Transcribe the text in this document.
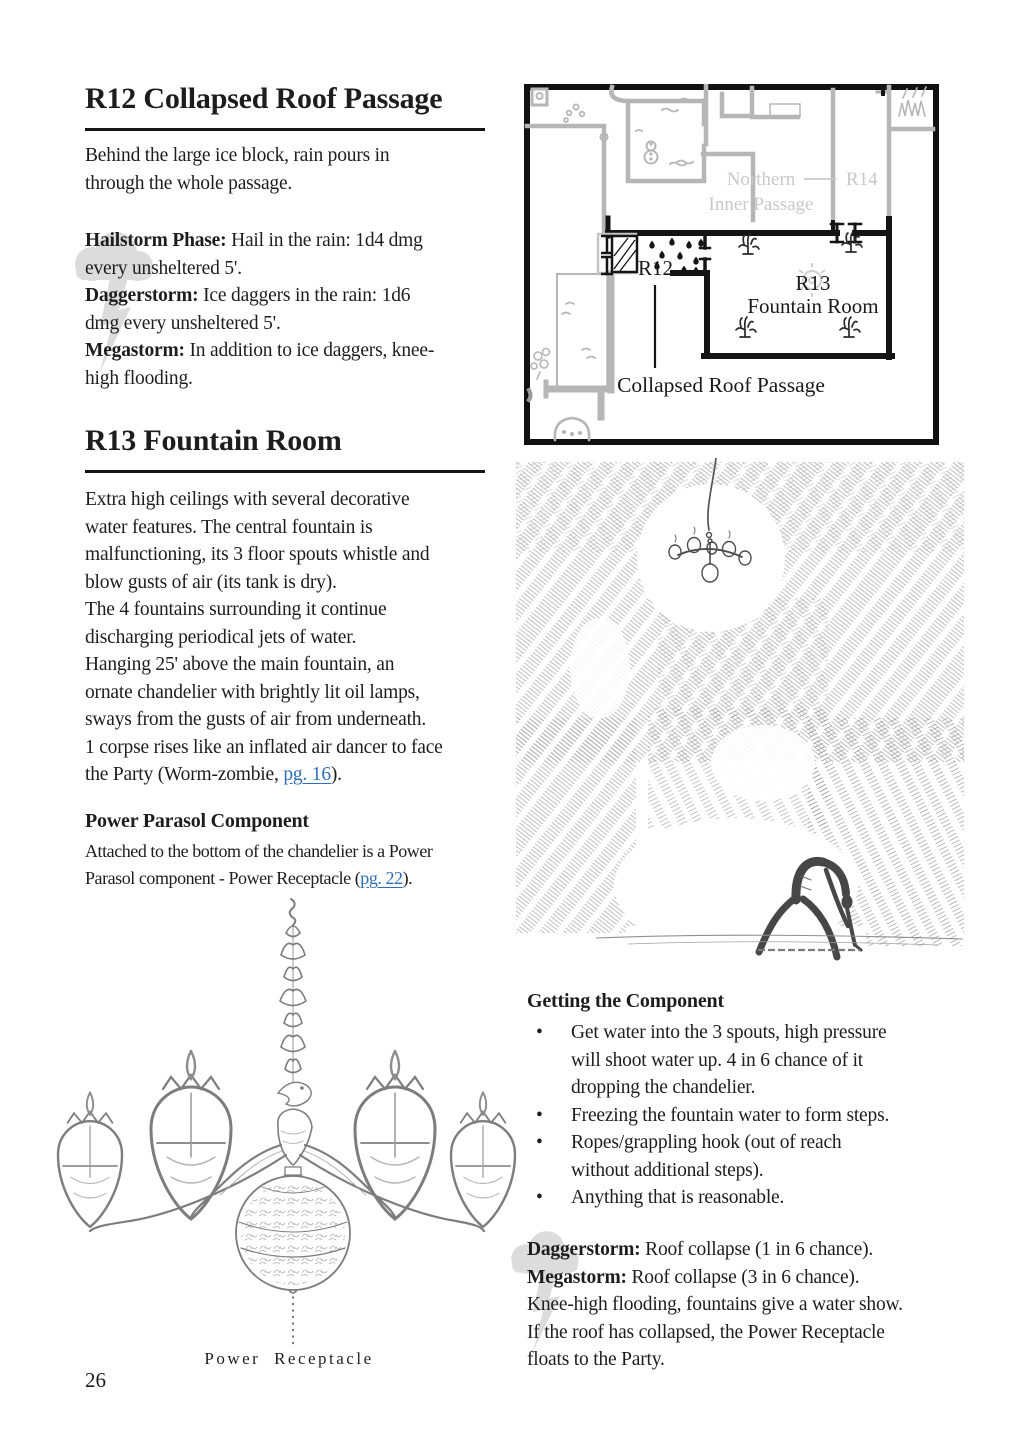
R12 Collapsed Roof Passage
Behind the large ice block, rain pours in
through the whole passage.
Hailstorm Phase: Hail in the rain: 1d4 dmg
every unsheltered 5'.
Daggerstorm: Ice daggers in the rain: 1d6
dmg every unsheltered 5'.
Megastorm: In addition to ice daggers, knee-
high flooding.
R13 Fountain Room
Extra high ceilings with several decorative
water features. The central fountain is
malfunctioning, its 3 floor spouts whistle and
blow gusts of air (its tank is dry).
The 4 fountains surrounding it continue
discharging periodical jets of water.
Hanging 25' above the main fountain, an
ornate chandelier with brightly lit oil lamps,
sways from the gusts of air from underneath.
1 corpse rises like an inflated air dancer to face
the Party (Worm-zombie, pg. 16).
Power Parasol Component
Attached to the bottom of the chandelier is a Power
Parasol component - Power Receptacle (pg. 22).
Power Receptacle
26
Northern
Inner Passage
R14
R12
R13
Fountain Room
Collapsed Roof Passage
Getting the Component
•	Get water into the 3 spouts, high pressure
will shoot water up. 4 in 6 chance of it
dropping the chandelier.
•	Freezing the fountain water to form steps.
•	Ropes/grappling hook (out of reach
without additional steps).
•	Anything that is reasonable.
Daggerstorm: Roof collapse (1 in 6 chance).
Megastorm: Roof collapse (3 in 6 chance).
Knee-high flooding, fountains give a water show.
If the roof has collapsed, the Power Receptacle
floats to the Party.
